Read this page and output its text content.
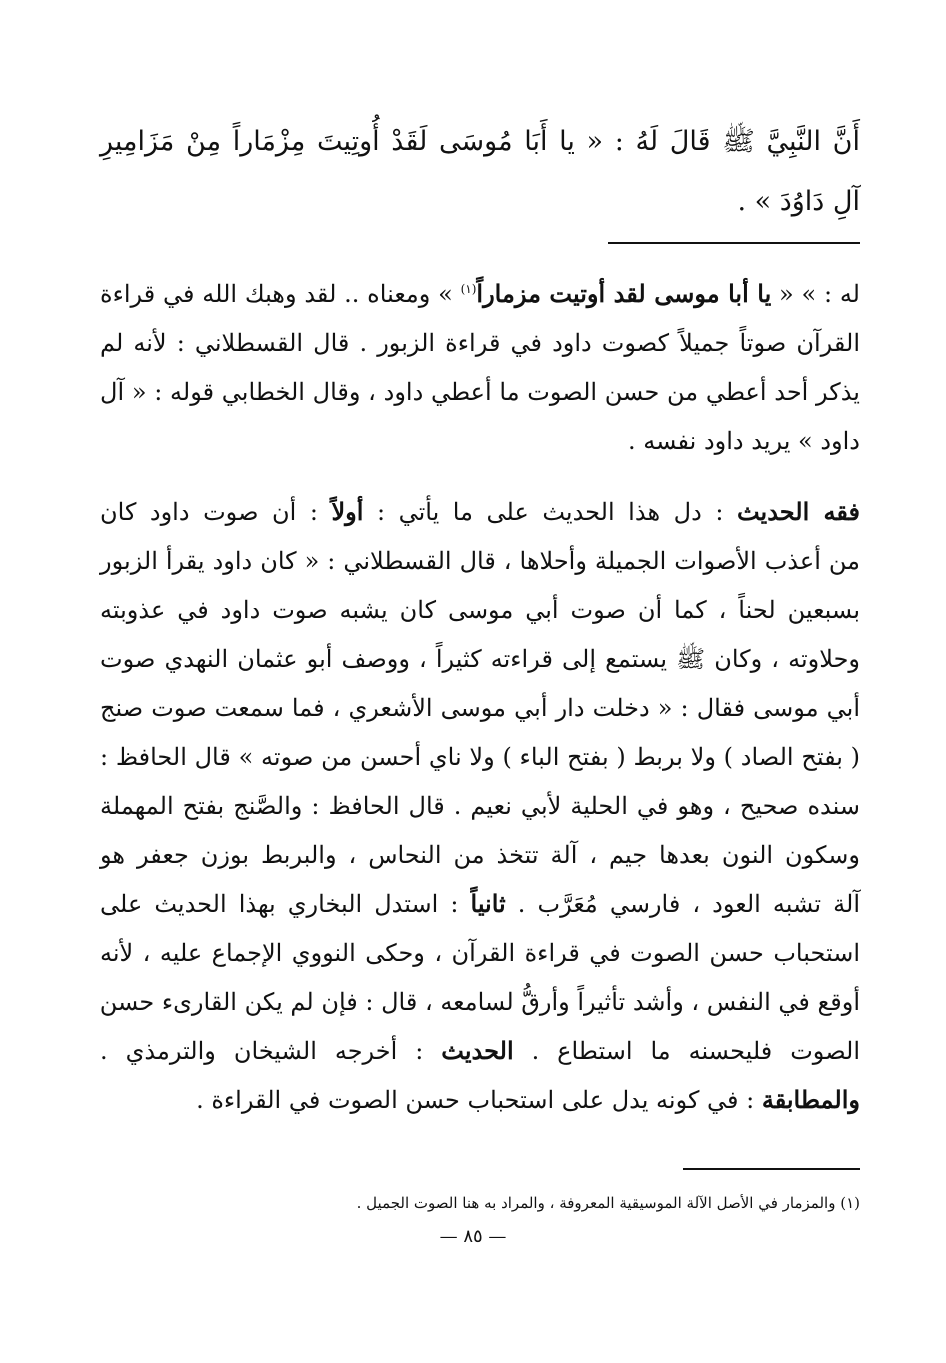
أَنَّ النَّبِيَّ ﷺ قَالَ لَهُ : « يا أَبَا مُوسَى لَقَدْ أُوتِيتَ مِزْمَاراً مِنْ مَزَامِيرِ
آلِ دَاوُدَ » .
له : » « يا أبا موسى لقد أوتيت مزماراً$^{(١)}$ » ومعناه .. لقد وهبك الله في قراءة
القرآن صوتاً جميلاً كصوت داود في قراءة الزبور . قال القسطلاني : لأنه لم
يذكر أحد أعطي من حسن الصوت ما أعطي داود ، وقال الخطابي قوله : « آل
داود » يريد داود نفسه .
فقه الحديث : دل هذا الحديث على ما يأتي : أولاً : أن صوت داود كان
من أعذب الأصوات الجميلة وأحلاها ، قال القسطلاني : « كان داود يقرأ الزبور
بسبعين لحناً ، كما أن صوت أبي موسى كان يشبه صوت داود في عذوبته
وحلاوته ، وكان ﷺ يستمع إلى قراءته كثيراً ، ووصف أبو عثمان النهدي صوت
أبي موسى فقال : « دخلت دار أبي موسى الأشعري ، فما سمعت صوت صنج
( بفتح الصاد ) ولا بربط ( بفتح الباء ) ولا ناي أحسن من صوته » قال الحافظ :
سنده صحيح ، وهو في الحلية لأبي نعيم . قال الحافظ : والصَّنج بفتح المهملة
وسكون النون بعدها جيم ، آلة تتخذ من النحاس ، والبربط بوزن جعفر هو
آلة تشبه العود ، فارسي مُعَرَّب . ثانياً : استدل البخاري بهذا الحديث على
استحباب حسن الصوت في قراءة القرآن ، وحكى النووي الإجماع عليه ، لأنه
أوقع في النفس ، وأشد تأثيراً وأرقُّ لسامعه ، قال : فإن لم يكن القارىء حسن
الصوت فليحسنه ما استطاع . الحديث : أخرجه الشيخان والترمذي .
والمطابقة : في كونه يدل على استحباب حسن الصوت في القراءة .
(١) والمزمار في الأصل الآلة الموسيقية المعروفة ، والمراد به هنا الصوت الجميل .
— ٨٥ —
